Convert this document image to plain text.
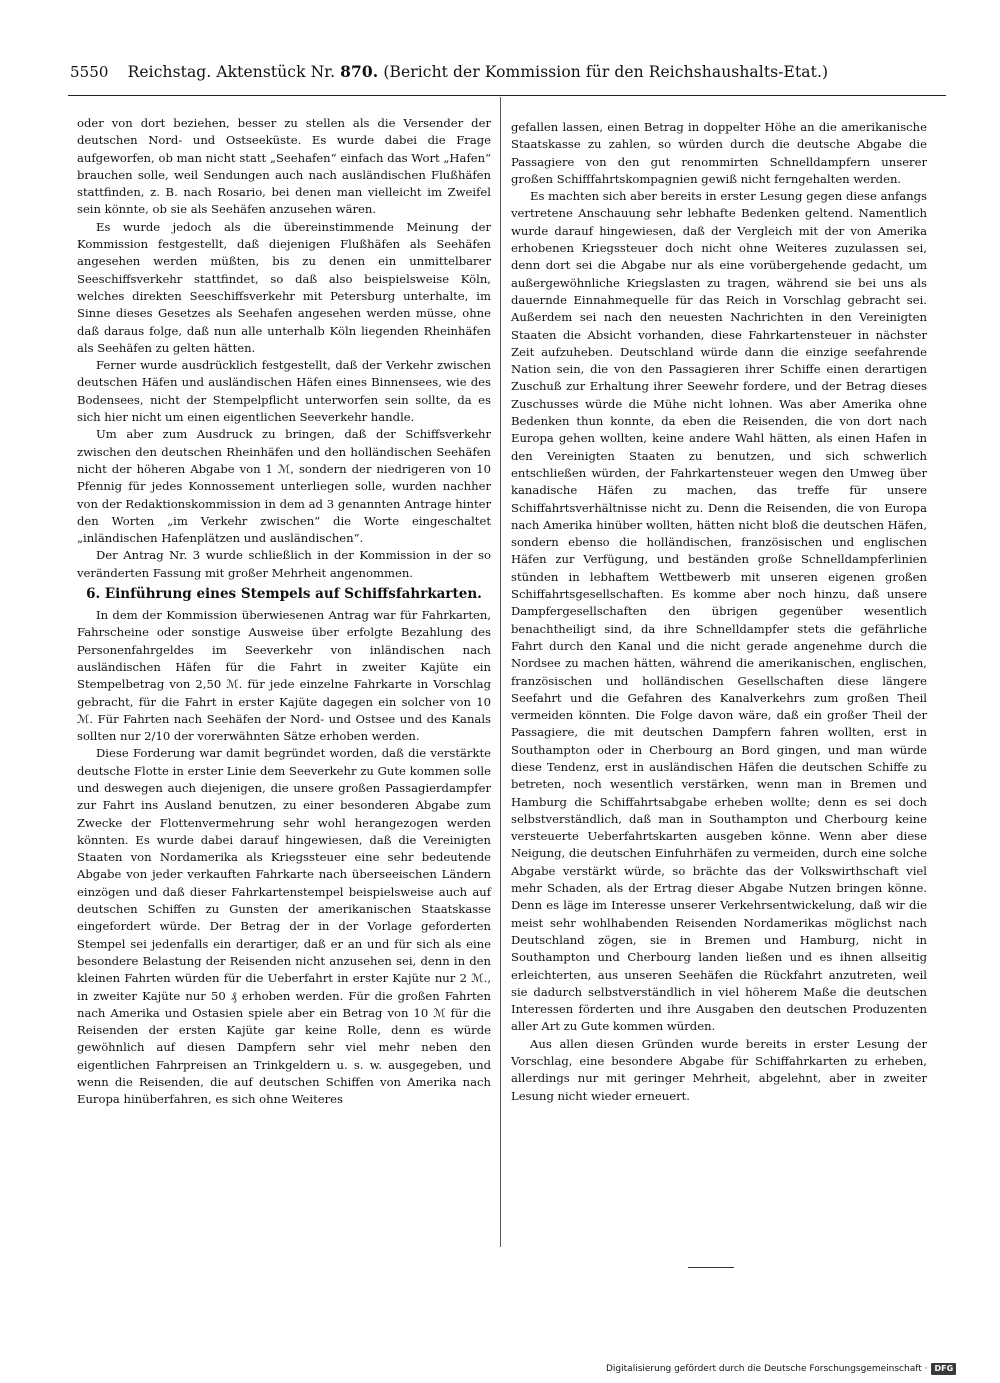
5550 Reichstag. Aktenstück Nr. 870. (Bericht der Kommission für den Reichshaushalts-Etat.)

oder von dort beziehen, besser zu stellen als die Versender der deutschen Nord- und Ostseeküste. Es wurde dabei die Frage aufgeworfen, ob man nicht statt „Seehafen“ einfach das Wort „Hafen“ brauchen solle, weil Sendungen auch nach ausländischen Flußhäfen stattfinden, z. B. nach Rosario, bei denen man vielleicht im Zweifel sein könnte, ob sie als Seehäfen anzusehen wären.

Es wurde jedoch als die übereinstimmende Meinung der Kommission festgestellt, daß diejenigen Flußhäfen als Seehäfen angesehen werden müßten, bis zu denen ein unmittelbarer Seeschiffsverkehr stattfindet, so daß also beispielsweise Köln, welches direkten Seeschiffsverkehr mit Petersburg unterhalte, im Sinne dieses Gesetzes als Seehafen angesehen werden müsse, ohne daß daraus folge, daß nun alle unterhalb Köln liegenden Rheinhäfen als Seehäfen zu gelten hätten.

Ferner wurde ausdrücklich festgestellt, daß der Verkehr zwischen deutschen Häfen und ausländischen Häfen eines Binnensees, wie des Bodensees, nicht der Stempelpflicht unterworfen sein sollte, da es sich hier nicht um einen eigentlichen Seeverkehr handle.

Um aber zum Ausdruck zu bringen, daß der Schiffsverkehr zwischen den deutschen Rheinhäfen und den holländischen Seehäfen nicht der höheren Abgabe von 1 ℳ, sondern der niedrigeren von 10 Pfennig für jedes Konnossement unterliegen solle, wurden nachher von der Redaktionskommission in dem ad 3 genannten Antrage hinter den Worten „im Verkehr zwischen“ die Worte eingeschaltet „inländischen Hafenplätzen und ausländischen“.

Der Antrag Nr. 3 wurde schließlich in der Kommission in der so veränderten Fassung mit großer Mehrheit angenommen.

6. Einführung eines Stempels auf Schiffsfahrkarten.

In dem der Kommission überwiesenen Antrag war für Fahrkarten, Fahrscheine oder sonstige Ausweise über erfolgte Bezahlung des Personenfahrgeldes im Seeverkehr von inländischen nach ausländischen Häfen für die Fahrt in zweiter Kajüte ein Stempelbetrag von 2,50 ℳ. für jede einzelne Fahrkarte in Vorschlag gebracht, für die Fahrt in erster Kajüte dagegen ein solcher von 10 ℳ. Für Fahrten nach Seehäfen der Nord- und Ostsee und des Kanals sollten nur 2/10 der vorerwähnten Sätze erhoben werden.

Diese Forderung war damit begründet worden, daß die verstärkte deutsche Flotte in erster Linie dem Seeverkehr zu Gute kommen solle und deswegen auch diejenigen, die unsere großen Passagierdampfer zur Fahrt ins Ausland benutzen, zu einer besonderen Abgabe zum Zwecke der Flottenvermehrung sehr wohl herangezogen werden könnten. Es wurde dabei darauf hingewiesen, daß die Vereinigten Staaten von Nordamerika als Kriegssteuer eine sehr bedeutende Abgabe von jeder verkauften Fahrkarte nach überseeischen Ländern einzögen und daß dieser Fahrkartenstempel beispielsweise auch auf deutschen Schiffen zu Gunsten der amerikanischen Staatskasse eingefordert würde. Der Betrag der in der Vorlage geforderten Stempel sei jedenfalls ein derartiger, daß er an und für sich als eine besondere Belastung der Reisenden nicht anzusehen sei, denn in den kleinen Fahrten würden für die Ueberfahrt in erster Kajüte nur 2 ℳ., in zweiter Kajüte nur 50 ₰ erhoben werden. Für die großen Fahrten nach Amerika und Ostasien spiele aber ein Betrag von 10 ℳ für die Reisenden der ersten Kajüte gar keine Rolle, denn es würde gewöhnlich auf diesen Dampfern sehr viel mehr neben den eigentlichen Fahrpreisen an Trinkgeldern u. s. w. ausgegeben, und wenn die Reisenden, die auf deutschen Schiffen von Amerika nach Europa hinüberfahren, es sich ohne Weiteres

gefallen lassen, einen Betrag in doppelter Höhe an die amerikanische Staatskasse zu zahlen, so würden durch die deutsche Abgabe die Passagiere von den gut renommirten Schnelldampfern unserer großen Schifffahrtskompagnien gewiß nicht ferngehalten werden.

Es machten sich aber bereits in erster Lesung gegen diese anfangs vertretene Anschauung sehr lebhafte Bedenken geltend. Namentlich wurde darauf hingewiesen, daß der Vergleich mit der von Amerika erhobenen Kriegssteuer doch nicht ohne Weiteres zuzulassen sei, denn dort sei die Abgabe nur als eine vorübergehende gedacht, um außergewöhnliche Kriegslasten zu tragen, während sie bei uns als dauernde Einnahmequelle für das Reich in Vorschlag gebracht sei. Außerdem sei nach den neuesten Nachrichten in den Vereinigten Staaten die Absicht vorhanden, diese Fahrkartensteuer in nächster Zeit aufzuheben. Deutschland würde dann die einzige seefahrende Nation sein, die von den Passagieren ihrer Schiffe einen derartigen Zuschuß zur Erhaltung ihrer Seewehr fordere, und der Betrag dieses Zuschusses würde die Mühe nicht lohnen. Was aber Amerika ohne Bedenken thun konnte, da eben die Reisenden, die von dort nach Europa gehen wollten, keine andere Wahl hätten, als einen Hafen in den Vereinigten Staaten zu benutzen, und sich schwerlich entschließen würden, der Fahrkartensteuer wegen den Umweg über kanadische Häfen zu machen, das treffe für unsere Schiffahrtsverhältnisse nicht zu. Denn die Reisenden, die von Europa nach Amerika hinüber wollten, hätten nicht bloß die deutschen Häfen, sondern ebenso die holländischen, französischen und englischen Häfen zur Verfügung, und beständen große Schnelldampferlinien stünden in lebhaftem Wettbewerb mit unseren eigenen großen Schiffahrtsgesellschaften. Es komme aber noch hinzu, daß unsere Dampfergesellschaften den übrigen gegenüber wesentlich benachtheiligt sind, da ihre Schnelldampfer stets die gefährliche Fahrt durch den Kanal und die nicht gerade angenehme durch die Nordsee zu machen hätten, während die amerikanischen, englischen, französischen und holländischen Gesellschaften diese längere Seefahrt und die Gefahren des Kanalverkehrs zum großen Theil vermeiden könnten. Die Folge davon wäre, daß ein großer Theil der Passagiere, die mit deutschen Dampfern fahren wollten, erst in Southampton oder in Cherbourg an Bord gingen, und man würde diese Tendenz, erst in ausländischen Häfen die deutschen Schiffe zu betreten, noch wesentlich verstärken, wenn man in Bremen und Hamburg die Schiffahrtsabgabe erheben wollte; denn es sei doch selbstverständlich, daß man in Southampton und Cherbourg keine versteuerte Ueberfahrtskarten ausgeben könne. Wenn aber diese Neigung, die deutschen Einfuhrhäfen zu vermeiden, durch eine solche Abgabe verstärkt würde, so brächte das der Volkswirthschaft viel mehr Schaden, als der Ertrag dieser Abgabe Nutzen bringen könne. Denn es läge im Interesse unserer Verkehrsentwickelung, daß wir die meist sehr wohlhabenden Reisenden Nordamerikas möglichst nach Deutschland zögen, sie in Bremen und Hamburg, nicht in Southampton und Cherbourg landen ließen und es ihnen allseitig erleichterten, aus unseren Seehäfen die Rückfahrt anzutreten, weil sie dadurch selbstverständlich in viel höherem Maße die deutschen Interessen förderten und ihre Ausgaben den deutschen Produzenten aller Art zu Gute kommen würden.

Aus allen diesen Gründen wurde bereits in erster Lesung der Vorschlag, eine besondere Abgabe für Schiffahrkarten zu erheben, allerdings nur mit geringer Mehrheit, abgelehnt, aber in zweiter Lesung nicht wieder erneuert.

Digitalisierung gefördert durch die Deutsche Forschungsgemeinschaft · DFG
